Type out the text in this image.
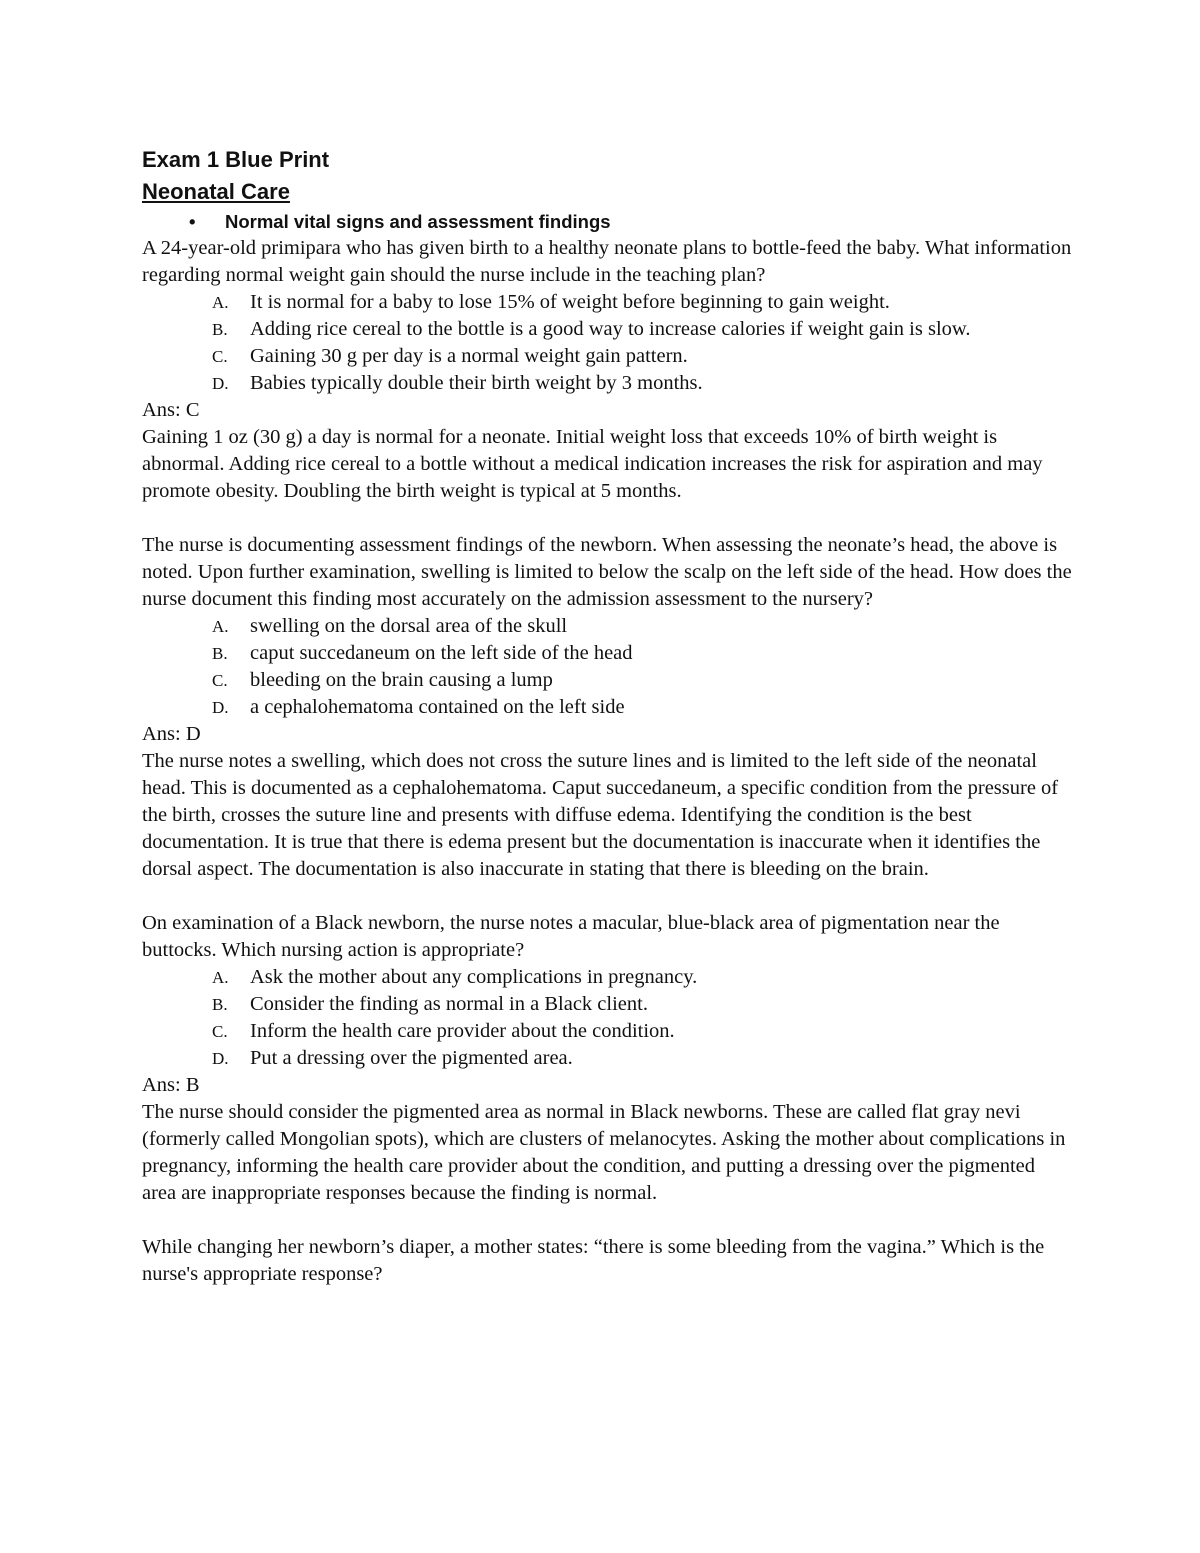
Exam 1 Blue Print
Neonatal Care
•	Normal vital signs and assessment findings

A 24-year-old primipara who has given birth to a healthy neonate plans to bottle-feed the baby. What information regarding normal weight gain should the nurse include in the teaching plan?

A.	It is normal for a baby to lose 15% of weight before beginning to gain weight.
B.	Adding rice cereal to the bottle is a good way to increase calories if weight gain is slow.
C.	Gaining 30 g per day is a normal weight gain pattern.
D.	Babies typically double their birth weight by 3 months.

Ans: C

Gaining 1 oz (30 g) a day is normal for a neonate. Initial weight loss that exceeds 10% of birth weight is abnormal. Adding rice cereal to a bottle without a medical indication increases the risk for aspiration and may promote obesity. Doubling the birth weight is typical at 5 months.

The nurse is documenting assessment findings of the newborn. When assessing the neonate’s head, the above is noted. Upon further examination, swelling is limited to below the scalp on the left side of the head. How does the nurse document this finding most accurately on the admission assessment to the nursery?

A.	swelling on the dorsal area of the skull
B.	caput succedaneum on the left side of the head
C.	bleeding on the brain causing a lump
D.	a cephalohematoma contained on the left side

Ans: D

The nurse notes a swelling, which does not cross the suture lines and is limited to the left side of the neonatal head. This is documented as a cephalohematoma. Caput succedaneum, a specific condition from the pressure of the birth, crosses the suture line and presents with diffuse edema. Identifying the condition is the best documentation. It is true that there is edema present but the documentation is inaccurate when it identifies the dorsal aspect. The documentation is also inaccurate in stating that there is bleeding on the brain.

On examination of a Black newborn, the nurse notes a macular, blue-black area of pigmentation near the buttocks. Which nursing action is appropriate?

A.	Ask the mother about any complications in pregnancy.
B.	Consider the finding as normal in a Black client.
C.	Inform the health care provider about the condition.
D.	Put a dressing over the pigmented area.

Ans: B

The nurse should consider the pigmented area as normal in Black newborns. These are called flat gray nevi (formerly called Mongolian spots), which are clusters of melanocytes. Asking the mother about complications in pregnancy, informing the health care provider about the condition, and putting a dressing over the pigmented area are inappropriate responses because the finding is normal.

While changing her newborn’s diaper, a mother states: “there is some bleeding from the vagina.” Which is the nurse's appropriate response?
